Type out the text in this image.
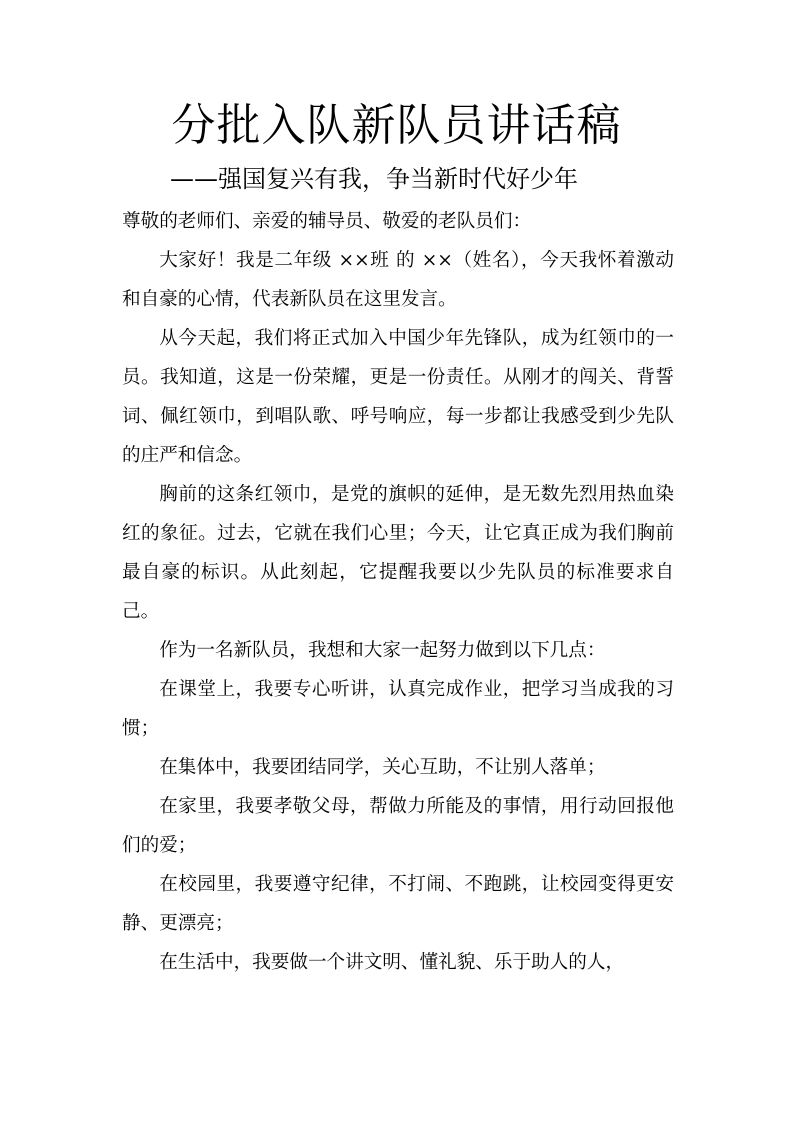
分批入队新队员讲话稿
——强国复兴有我，争当新时代好少年

尊敬的老师们、亲爱的辅导员、敬爱的老队员们：

大家好！我是二年级 ××班 的 ××（姓名），今天我怀着激动和自豪的心情，代表新队员在这里发言。

从今天起，我们将正式加入中国少年先锋队，成为红领巾的一员。我知道，这是一份荣耀，更是一份责任。从刚才的闯关、背誓词、佩红领巾，到唱队歌、呼号响应，每一步都让我感受到少先队的庄严和信念。

胸前的这条红领巾，是党的旗帜的延伸，是无数先烈用热血染红的象征。过去，它就在我们心里；今天，让它真正成为我们胸前最自豪的标识。从此刻起，它提醒我要以少先队员的标准要求自己。

作为一名新队员，我想和大家一起努力做到以下几点：

在课堂上，我要专心听讲，认真完成作业，把学习当成我的习惯；

在集体中，我要团结同学，关心互助，不让别人落单；

在家里，我要孝敬父母，帮做力所能及的事情，用行动回报他们的爱；

在校园里，我要遵守纪律，不打闹、不跑跳，让校园变得更安静、更漂亮；

在生活中，我要做一个讲文明、懂礼貌、乐于助人的人，
